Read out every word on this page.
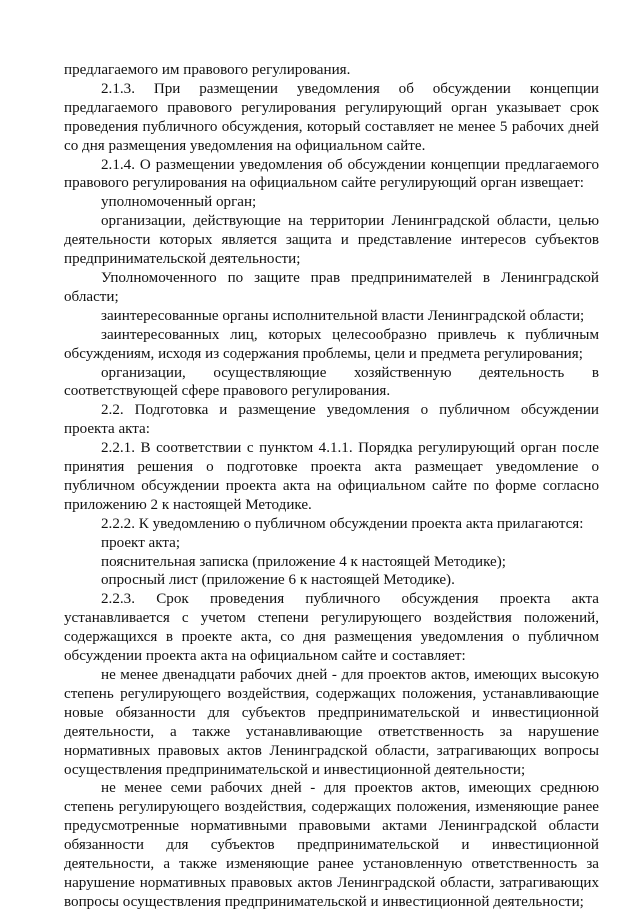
предлагаемого им правового регулирования.

2.1.3. При размещении уведомления об обсуждении концепции предлагаемого правового регулирования регулирующий орган указывает срок проведения публичного обсуждения, который составляет не менее 5 рабочих дней со дня размещения уведомления на официальном сайте.

2.1.4. О размещении уведомления об обсуждении концепции предлагаемого правового регулирования на официальном сайте регулирующий орган извещает:

уполномоченный орган;

организации, действующие на территории Ленинградской области, целью деятельности которых является защита и представление интересов субъектов предпринимательской деятельности;

Уполномоченного по защите прав предпринимателей в Ленинградской области;

заинтересованные органы исполнительной власти Ленинградской области;

заинтересованных лиц, которых целесообразно привлечь к публичным обсуждениям, исходя из содержания проблемы, цели и предмета регулирования;

организации, осуществляющие хозяйственную деятельность в соответствующей сфере правового регулирования.

2.2. Подготовка и размещение уведомления о публичном обсуждении проекта акта:

2.2.1. В соответствии с пунктом 4.1.1. Порядка регулирующий орган после принятия решения о подготовке проекта акта размещает уведомление о публичном обсуждении проекта акта на официальном сайте по форме согласно приложению 2 к настоящей Методике.

2.2.2. К уведомлению о публичном обсуждении проекта акта прилагаются:

проект акта;

пояснительная записка (приложение 4 к настоящей Методике);

опросный лист (приложение 6 к настоящей Методике).

2.2.3. Срок проведения публичного обсуждения проекта акта устанавливается с учетом степени регулирующего воздействия положений, содержащихся в проекте акта, со дня размещения уведомления о публичном обсуждении проекта акта на официальном сайте и составляет:

не менее двенадцати рабочих дней - для проектов актов, имеющих высокую степень регулирующего воздействия, содержащих положения, устанавливающие новые обязанности для субъектов предпринимательской и инвестиционной деятельности, а также устанавливающие ответственность за нарушение нормативных правовых актов Ленинградской области, затрагивающих вопросы осуществления предпринимательской и инвестиционной деятельности;

не менее семи рабочих дней - для проектов актов, имеющих среднюю степень регулирующего воздействия, содержащих положения, изменяющие ранее предусмотренные нормативными правовыми актами Ленинградской области обязанности для субъектов предпринимательской и инвестиционной деятельности, а также изменяющие ранее установленную ответственность за нарушение нормативных правовых актов Ленинградской области, затрагивающих вопросы осуществления предпринимательской и инвестиционной деятельности;
